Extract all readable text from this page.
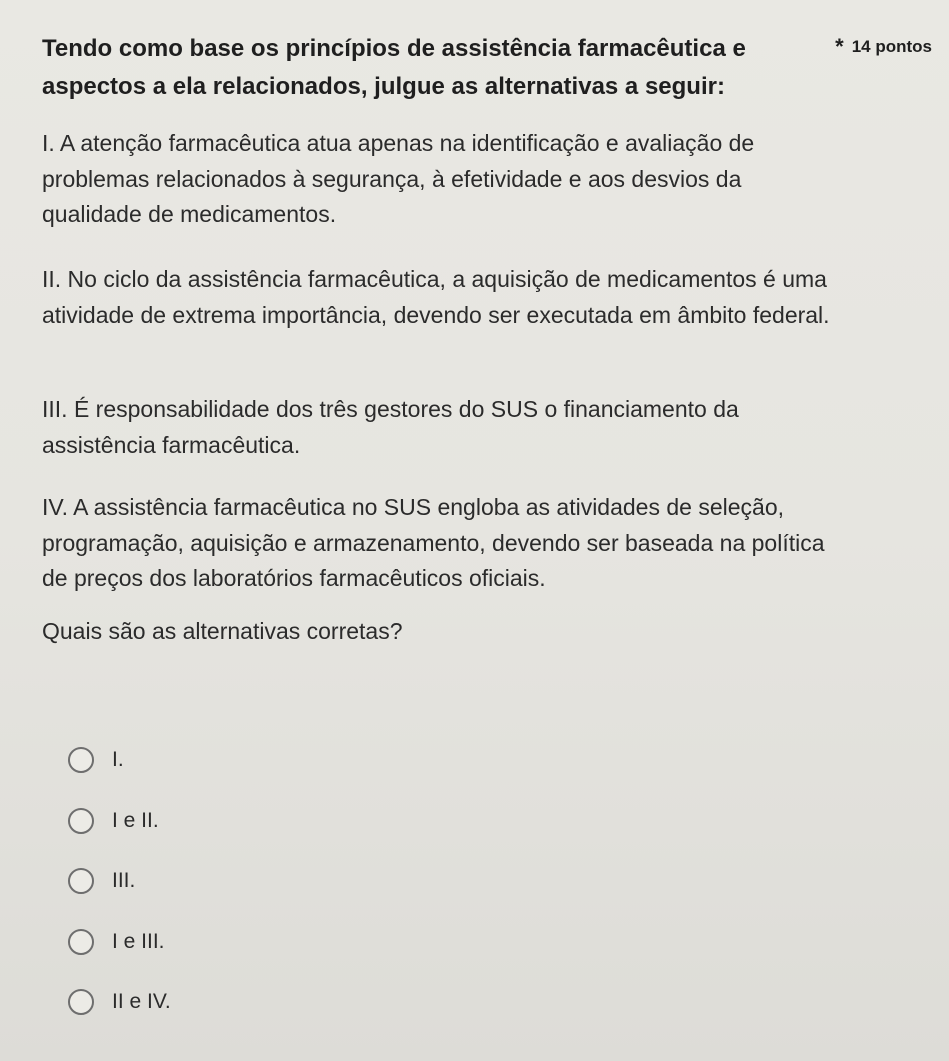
Tendo como base os princípios de assistência farmacêutica e aspectos a ela relacionados, julgue as alternativas a seguir:

* 14 pontos

I. A atenção farmacêutica atua apenas na identificação e avaliação de problemas relacionados à segurança, à efetividade e aos desvios da qualidade de medicamentos.

II. No ciclo da assistência farmacêutica, a aquisição de medicamentos é uma atividade de extrema importância, devendo ser executada em âmbito federal.

III. É responsabilidade dos três gestores do SUS o financiamento da assistência farmacêutica.

IV. A assistência farmacêutica no SUS engloba as atividades de seleção, programação, aquisição e armazenamento, devendo ser baseada na política de preços dos laboratórios farmacêuticos oficiais.

Quais são as alternativas corretas?

I.
I e II.
III.
I e III.
II e IV.
